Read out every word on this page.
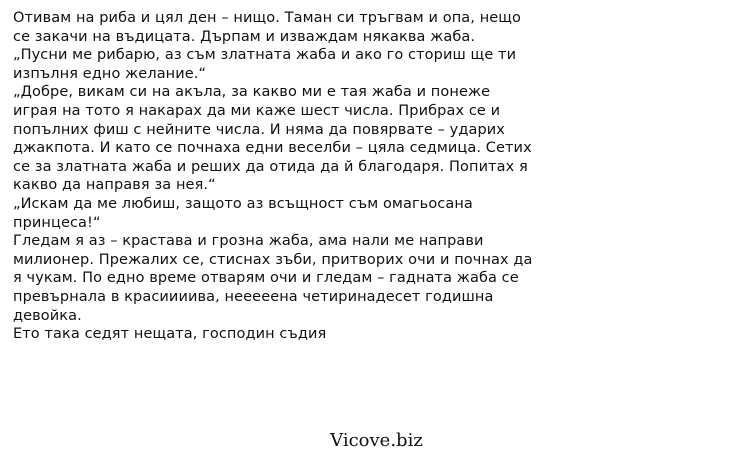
Отивам на риба и цял ден – нищо. Таман си тръгвам и опа, нещо
се закачи на въдицата. Дърпам и изваждам някаква жаба.
„Пусни ме рибарю, аз съм златната жаба и ако го сториш ще ти
изпълня едно желание.“
„Добре, викам си на акъла, за какво ми е тая жаба и понеже
играя на тото я накарах да ми каже шест числа. Прибрах се и
попълних фиш с нейните числа. И няма да повярвате – ударих
джакпота. И като се почнаха едни веселби – цяла седмица. Сетих
се за златната жаба и реших да отида да й благодаря. Попитах я
какво да направя за нея.“
„Искам да ме любиш, защото аз всъщност съм омагьосана
принцеса!“
Гледам я аз – крастава и грозна жаба, ама нали ме направи
милионер. Прежалих се, стиснах зъби, притворих очи и почнах да
я чукам. По едно време отварям очи и гледам – гадната жаба се
превърнала в красиииива, нееееена четиринадесет годишна
девойка.
Ето така седят нещата, господин съдия
Vicove.biz
